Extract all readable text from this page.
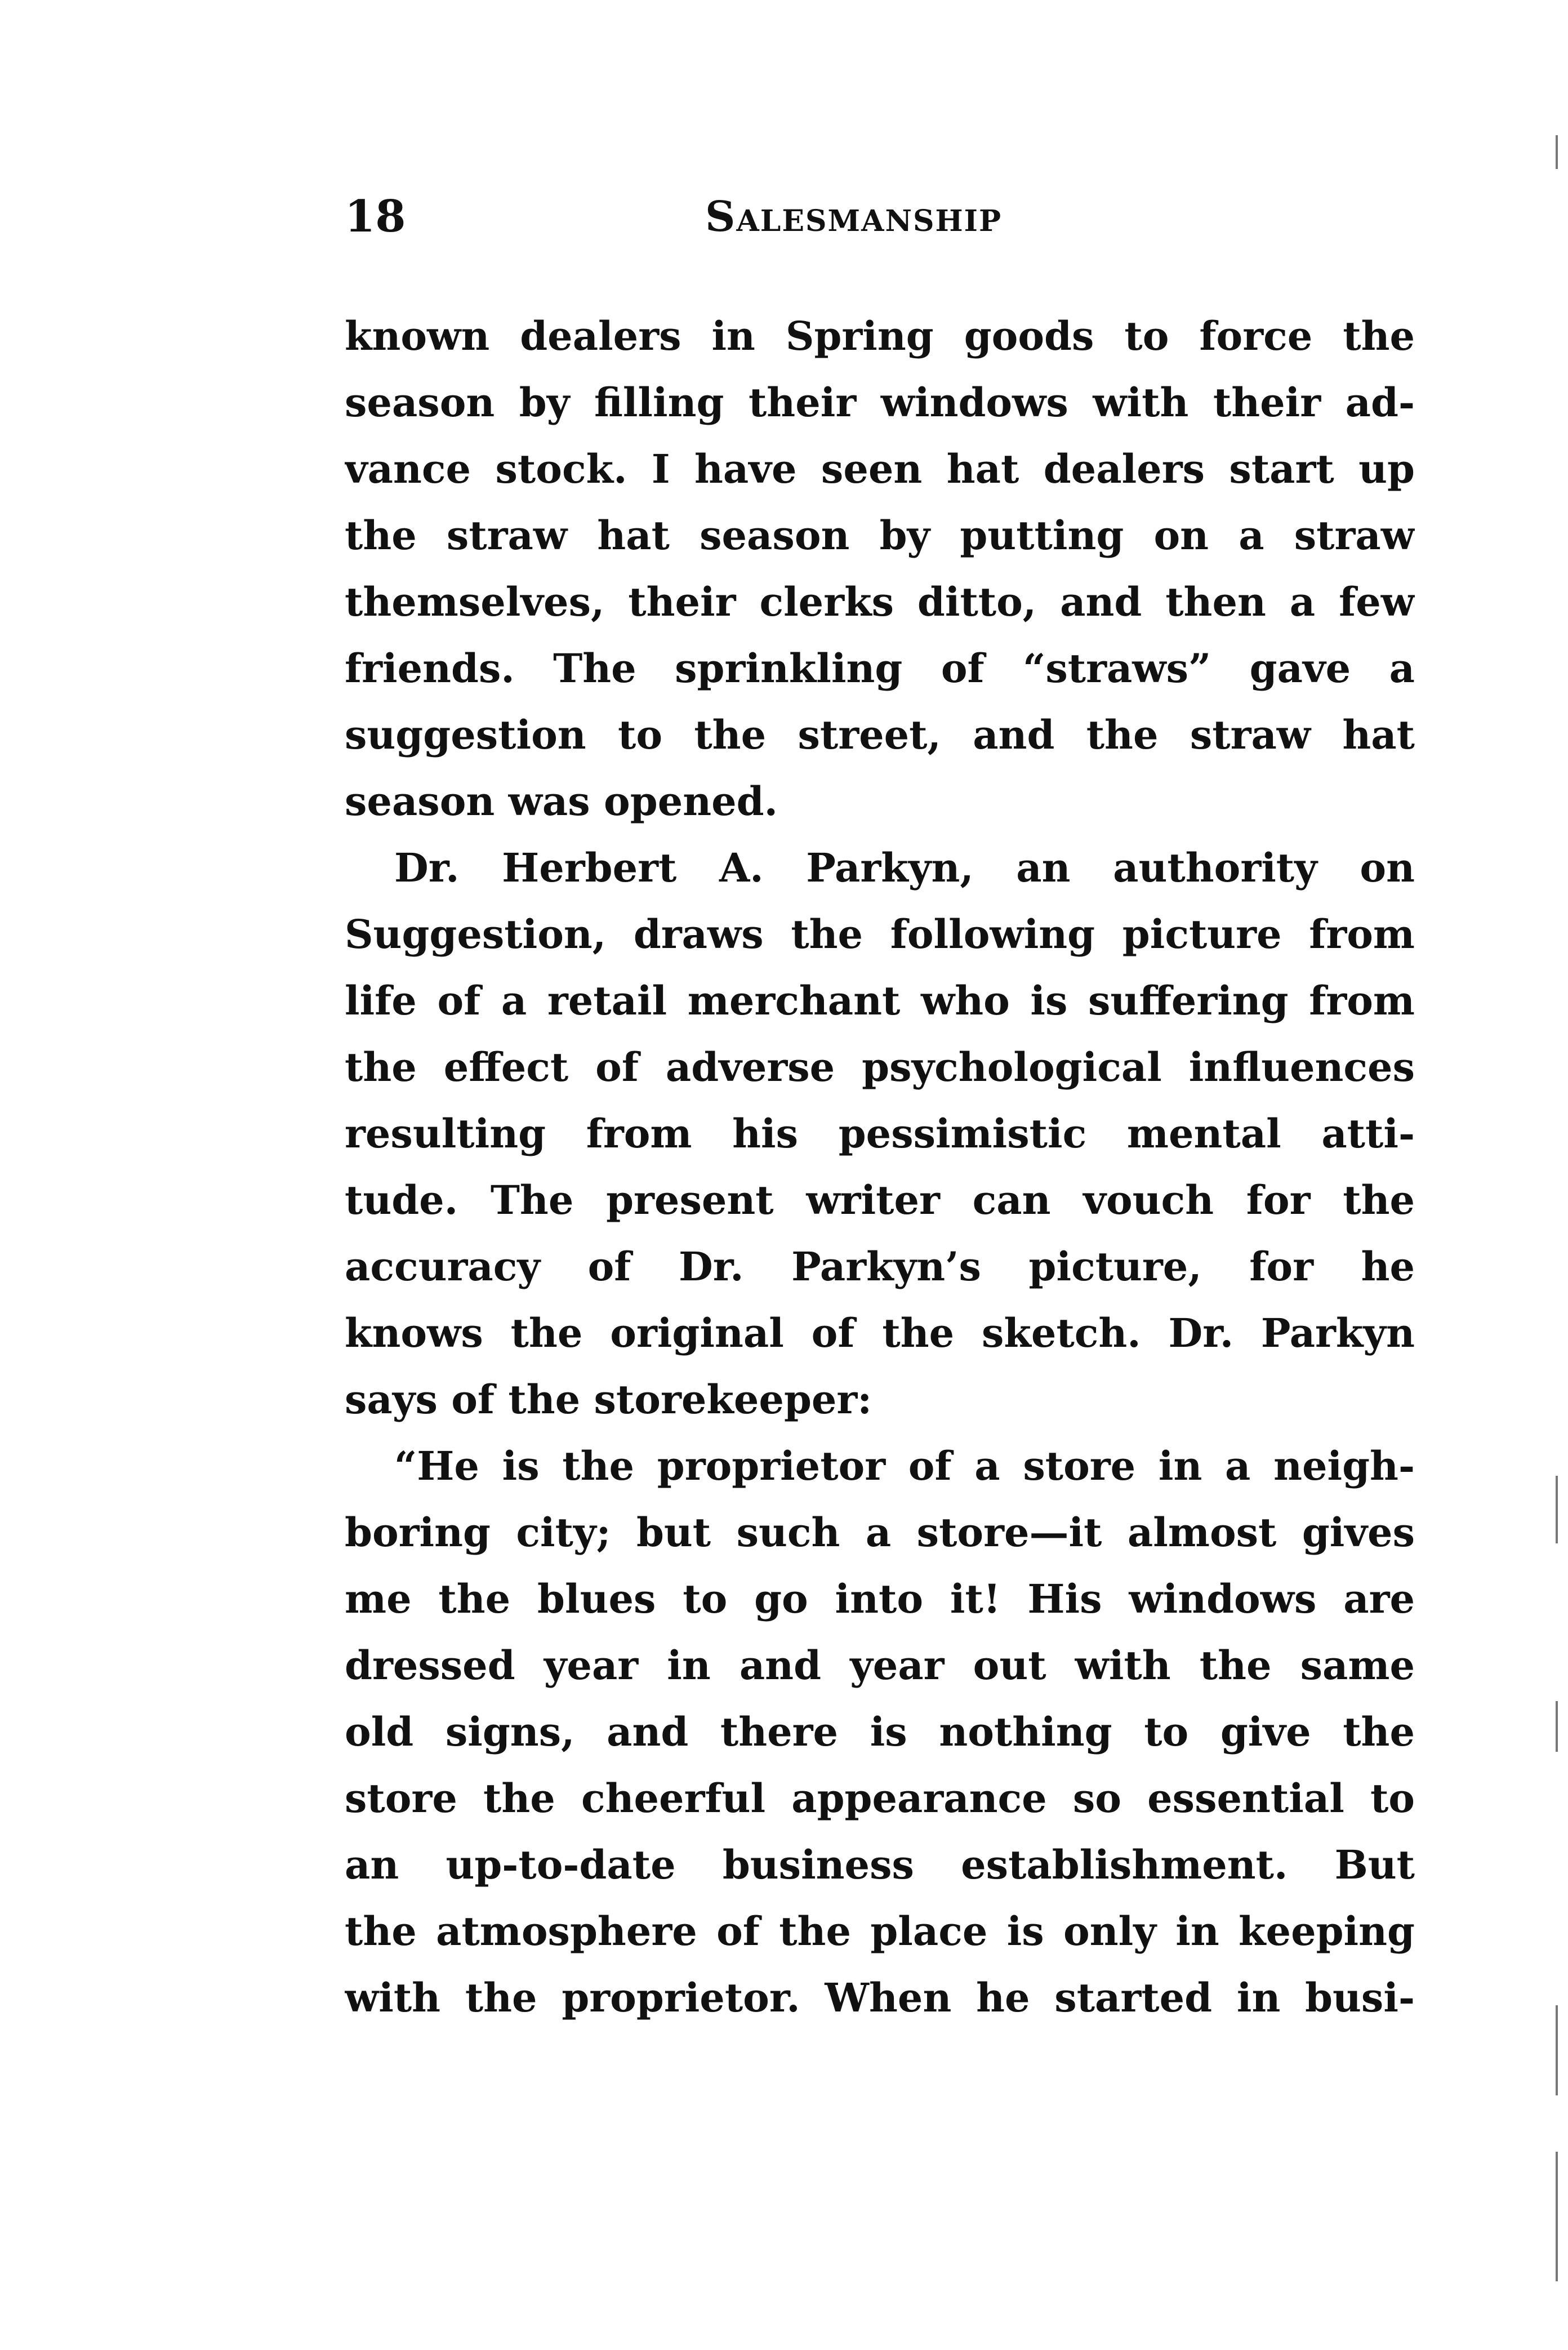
18	Salesmanship
known dealers in Spring goods to force the
season by filling their windows with their ad-
vance stock. I have seen hat dealers start up
the straw hat season by putting on a straw
themselves, their clerks ditto, and then a few
friends. The sprinkling of “straws” gave a
suggestion to the street, and the straw hat
season was opened.
Dr. Herbert A. Parkyn, an authority on
Suggestion, draws the following picture from
life of a retail merchant who is suffering from
the effect of adverse psychological influences
resulting from his pessimistic mental atti-
tude. The present writer can vouch for the
accuracy of Dr. Parkyn’s picture, for he
knows the original of the sketch. Dr. Parkyn
says of the storekeeper:
“He is the proprietor of a store in a neigh-
boring city; but such a store—it almost gives
me the blues to go into it! His windows are
dressed year in and year out with the same
old signs, and there is nothing to give the
store the cheerful appearance so essential to
an up-to-date business establishment. But
the atmosphere of the place is only in keeping
with the proprietor. When he started in busi-
